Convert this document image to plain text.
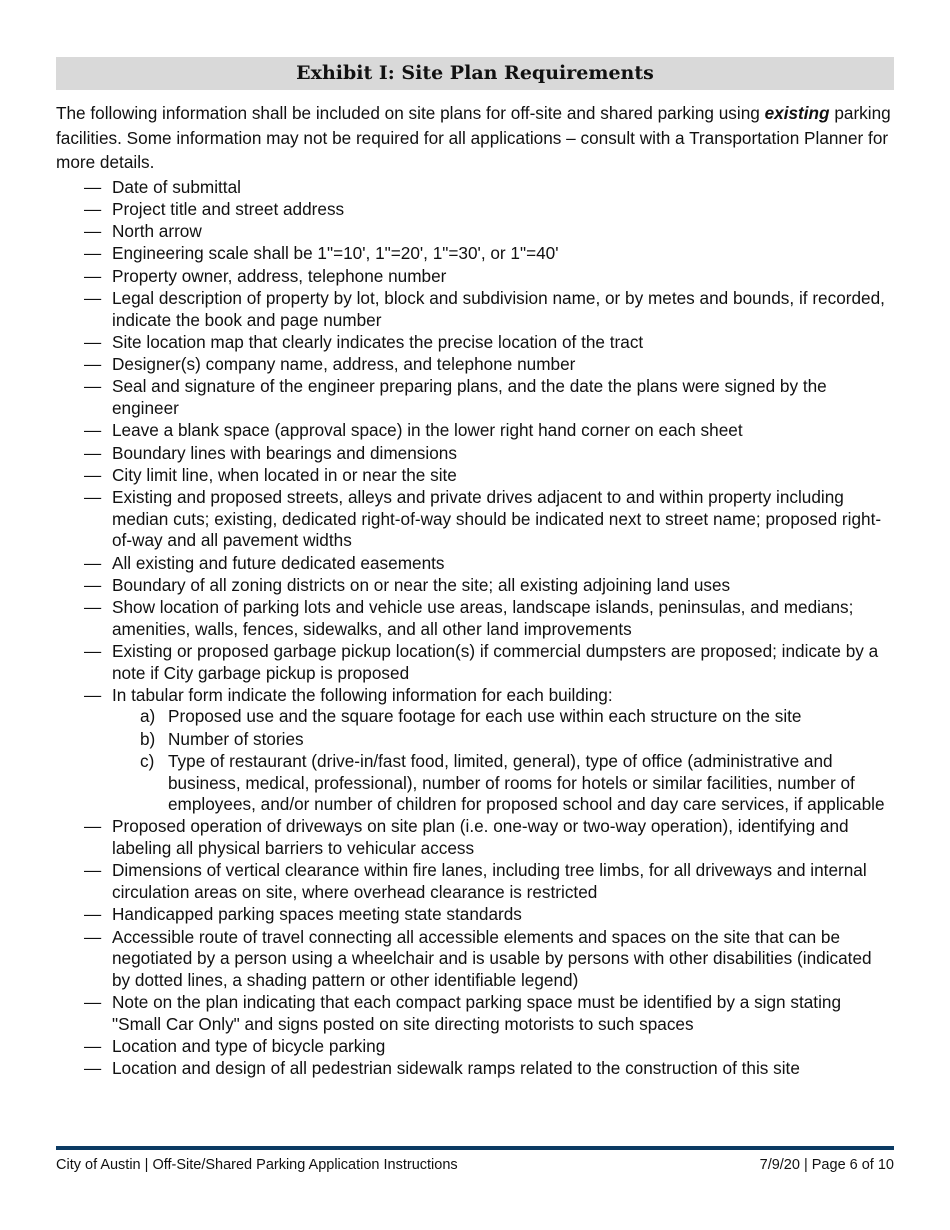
Exhibit I: Site Plan Requirements

The following information shall be included on site plans for off-site and shared parking using existing parking facilities. Some information may not be required for all applications – consult with a Transportation Planner for more details.

— Date of submittal
— Project title and street address
— North arrow
— Engineering scale shall be 1"=10', 1"=20', 1"=30', or 1"=40'
— Property owner, address, telephone number
— Legal description of property by lot, block and subdivision name, or by metes and bounds, if recorded, indicate the book and page number
— Site location map that clearly indicates the precise location of the tract
— Designer(s) company name, address, and telephone number
— Seal and signature of the engineer preparing plans, and the date the plans were signed by the engineer
— Leave a blank space (approval space) in the lower right hand corner on each sheet
— Boundary lines with bearings and dimensions
— City limit line, when located in or near the site
— Existing and proposed streets, alleys and private drives adjacent to and within property including median cuts; existing, dedicated right-of-way should be indicated next to street name; proposed right- of-way and all pavement widths
— All existing and future dedicated easements
— Boundary of all zoning districts on or near the site; all existing adjoining land uses
— Show location of parking lots and vehicle use areas, landscape islands, peninsulas, and medians; amenities, walls, fences, sidewalks, and all other land improvements
— Existing or proposed garbage pickup location(s) if commercial dumpsters are proposed; indicate by a note if City garbage pickup is proposed
— In tabular form indicate the following information for each building:
a) Proposed use and the square footage for each use within each structure on the site
b) Number of stories
c) Type of restaurant (drive-in/fast food, limited, general), type of office (administrative and business, medical, professional), number of rooms for hotels or similar facilities, number of employees, and/or number of children for proposed school and day care services, if applicable
— Proposed operation of driveways on site plan (i.e. one-way or two-way operation), identifying and labeling all physical barriers to vehicular access
— Dimensions of vertical clearance within fire lanes, including tree limbs, for all driveways and internal circulation areas on site, where overhead clearance is restricted
— Handicapped parking spaces meeting state standards
— Accessible route of travel connecting all accessible elements and spaces on the site that can be negotiated by a person using a wheelchair and is usable by persons with other disabilities (indicated by dotted lines, a shading pattern or other identifiable legend)
— Note on the plan indicating that each compact parking space must be identified by a sign stating "Small Car Only" and signs posted on site directing motorists to such spaces
— Location and type of bicycle parking
— Location and design of all pedestrian sidewalk ramps related to the construction of this site
City of Austin | Off-Site/Shared Parking Application Instructions	7/9/20 | Page 6 of 10
